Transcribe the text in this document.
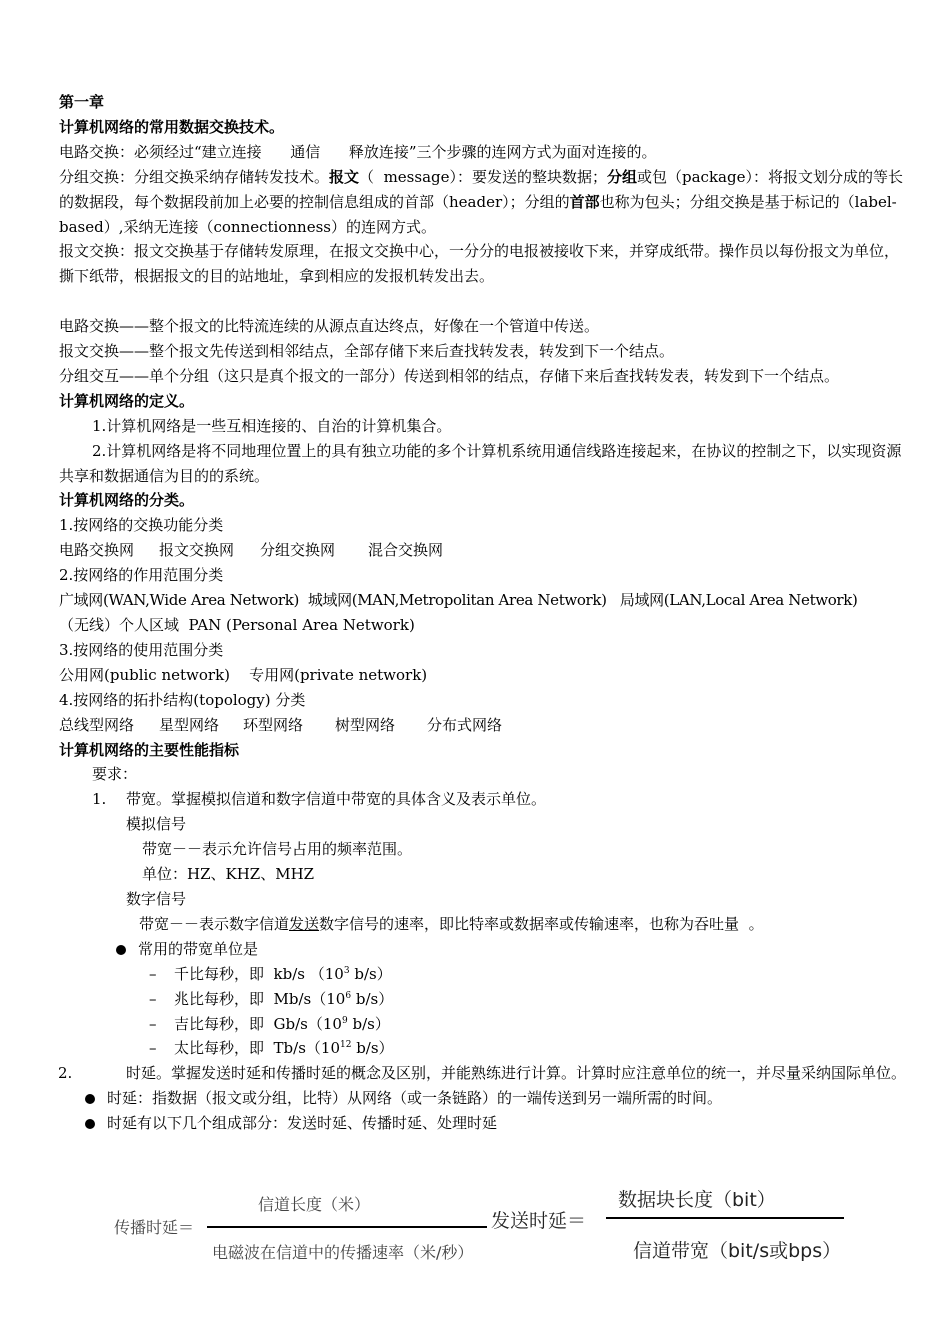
第一章
计算机网络的常用数据交换技术。
电路交换：必须经过“建立连接      通信      释放连接”三个步骤的连网方式为面对连接的。
分组交换：分组交换采纳存储转发技术。报文（  message）：要发送的整块数据；分组或包（package）：将报文划分成的等长的数据段，每个数据段前加上必要的控制信息组成的首部（header）；分组的首部也称为包头；分组交换是基于标记的（label-based）,采纳无连接（connectionness）的连网方式。
报文交换：报文交换基于存储转发原理，在报文交换中心，一分分的电报被接收下来，并穿成纸带。操作员以每份报文为单位，撕下纸带，根据报文的目的站地址，拿到相应的发报机转发出去。
电路交换——整个报文的比特流连续的从源点直达终点，好像在一个管道中传送。
报文交换——整个报文先传送到相邻结点，全部存储下来后查找转发表，转发到下一个结点。
分组交互——单个分组（这只是真个报文的一部分）传送到相邻的结点，存储下来后查找转发表，转发到下一个结点。
计算机网络的定义。
1.计算机网络是一些互相连接的、自治的计算机集合。
2.计算机网络是将不同地理位置上的具有独立功能的多个计算机系统用通信线路连接起来，在协议的控制之下，以实现资源共享和数据通信为目的的系统。
计算机网络的分类。
1.按网络的交换功能分类
电路交换网 报文交换网 分组交换网 混合交换网
2.按网络的作用范围分类
广域网(WAN,Wide Area Network)  城域网(MAN,Metropolitan Area Network)   局域网(LAN,Local Area Network)
（无线）个人区域  PAN (Personal Area Network)
3.按网络的使用范围分类
公用网(public network)    专用网(private network)
4.按网络的拓扑结构(topology) 分类
总线型网络 星型网络 环型网络 树型网络 分布式网络
计算机网络的主要性能指标
要求：
1. 带宽。掌握模拟信道和数字信道中带宽的具体含义及表示单位。
模拟信号
带宽－－表示允许信号占用的频率范围。
单位：HZ、KHZ、MHZ
数字信号
带宽－－表示数字信道发送数字信号的速率，即比特率或数据率或传输速率，也称为吞吐量  。
常用的带宽单位是
– 千比每秒，即  kb/s （$10^3$ b/s）
– 兆比每秒，即  $Mb/s(10^6$ b/s）
– 吉比每秒，即  $Gb/s(10^9$ b/s）
– 太比每秒，即  $Tb/s(10^{12}$ b/s）
2.	时延。掌握发送时延和传播时延的概念及区别，并能熟练进行计算。计算时应注意单位的统一，并尽量采纳国际单位。
时延：指数据（报文或分组，比特）从网络（或一条链路）的一端传送到另一端所需的时间。
时延有以下几个组成部分：发送时延、传播时延、处理时延
传播时延＝
信道长度（米）
电磁波在信道中的传播速率（米/秒）
发送时延＝
数据块长度（bit）
信道带宽（bit/s或bps）
